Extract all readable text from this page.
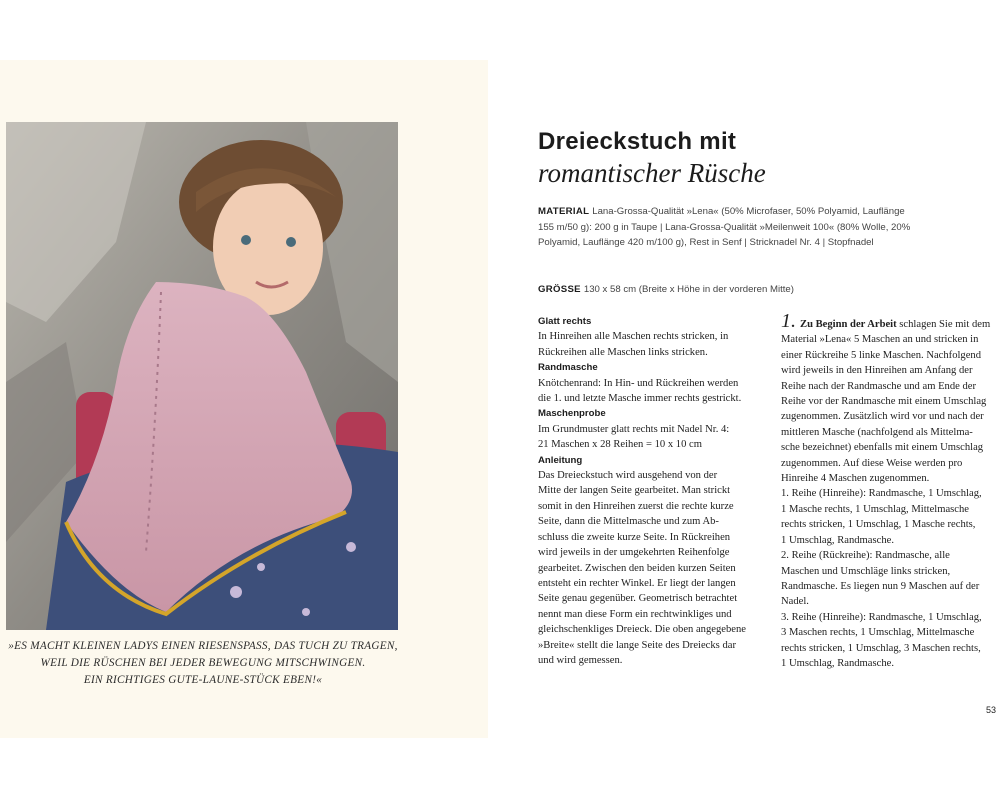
»ES MACHT KLEINEN LADYS EINEN RIESENSPASS, DAS TUCH ZU TRAGEN,
WEIL DIE RÜSCHEN BEI JEDER BEWEGUNG MITSCHWINGEN.
EIN RICHTIGES GUTE-LAUNE-STÜCK EBEN!«
Dreieckstuch mit
romantischer Rüsche
MATERIAL Lana-Grossa-Qualität »Lena« (50% Microfaser, 50% Polyamid, Lauflänge 155 m/50 g): 200 g in Taupe | Lana-Grossa-Qualität »Meilenweit 100« (80% Wolle, 20% Polyamid, Lauflänge 420 m/100 g), Rest in Senf | Stricknadel Nr. 4 | Stopfnadel
GRÖSSE 130 x 58 cm (Breite x Höhe in der vorderen Mitte)
Glatt rechts
In Hinreihen alle Maschen rechts stricken, in
Rückreihen alle Maschen links stricken.
Randmasche
Knötchenrand: In Hin- und Rückreihen werden
die 1. und letzte Masche immer rechts gestrickt.
Maschenprobe
Im Grundmuster glatt rechts mit Nadel Nr. 4:
21 Maschen x 28 Reihen = 10 x 10 cm
Anleitung
Das Dreieckstuch wird ausgehend von der
Mitte der langen Seite gearbeitet. Man strickt
somit in den Hinreihen zuerst die rechte kurze
Seite, dann die Mittelmasche und zum Ab-
schluss die zweite kurze Seite. In Rückreihen
wird jeweils in der umgekehrten Reihenfolge
gearbeitet. Zwischen den beiden kurzen Seiten
entsteht ein rechter Winkel. Er liegt der langen
Seite genau gegenüber. Geometrisch betrachtet
nennt man diese Form ein rechtwinkliges und
gleichschenkliges Dreieck. Die oben angegebene
»Breite« stellt die lange Seite des Dreiecks dar
und wird gemessen.
1. Zu Beginn der Arbeit schlagen Sie mit dem
Material »Lena« 5 Maschen an und stricken in
einer Rückreihe 5 linke Maschen. Nachfolgend
wird jeweils in den Hinreihen am Anfang der
Reihe nach der Randmasche und am Ende der
Reihe vor der Randmasche mit einem Umschlag
zugenommen. Zusätzlich wird vor und nach der
mittleren Masche (nachfolgend als Mittelma-
sche bezeichnet) ebenfalls mit einem Umschlag
zugenommen. Auf diese Weise werden pro
Hinreihe 4 Maschen zugenommen.
1. Reihe (Hinreihe): Randmasche, 1 Umschlag,
1 Masche rechts, 1 Umschlag, Mittelmasche
rechts stricken, 1 Umschlag, 1 Masche rechts,
1 Umschlag, Randmasche.
2. Reihe (Rückreihe): Randmasche, alle
Maschen und Umschläge links stricken,
Randmasche. Es liegen nun 9 Maschen auf der
Nadel.
3. Reihe (Hinreihe): Randmasche, 1 Umschlag,
3 Maschen rechts, 1 Umschlag, Mittelmasche
rechts stricken, 1 Umschlag, 3 Maschen rechts,
1 Umschlag, Randmasche.
53
